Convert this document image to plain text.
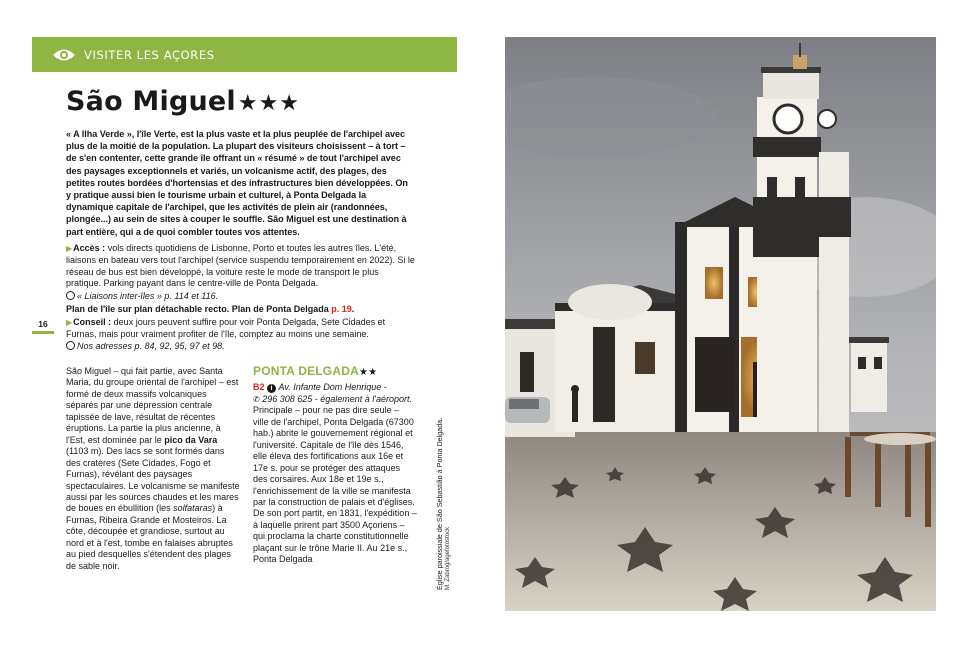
VISITER LES AÇORES
São Miguel★★★

« A Ilha Verde », l'île Verte, est la plus vaste et la plus peuplée de l'archipel avec plus de la moitié de la population. La plupart des visiteurs choisissent – à tort – de s'en contenter, cette grande île offrant un « résumé » de tout l'archipel avec des paysages exceptionnels et variés, un volcanisme actif, des plages, des petites routes bordées d'hortensias et des infrastructures bien développées. On y pratique aussi bien le tourisme urbain et culturel, à Ponta Delgada la dynamique capitale de l'archipel, que les activités de plein air (randonnées, plongée...) au sein de sites à couper le souffle. São Miguel est une destination à part entière, qui a de quoi combler toutes vos attentes.

▶Accès : vols directs quotidiens de Lisbonne, Porto et toutes les autres îles. L'été, liaisons en bateau vers tout l'archipel (service suspendu temporairement en 2022). Si le réseau de bus est bien développé, la voiture reste le mode de transport le plus pratique. Parking payant dans le centre-ville de Ponta Delgada.
« Liaisons inter-îles » p. 114 et 116.
Plan de l'île sur plan détachable recto. Plan de Ponta Delgada p. 19.
▶Conseil : deux jours peuvent suffire pour voir Ponta Delgada, Sete Cidades et Furnas, mais pour vraiment profiter de l'île, comptez au moins une semaine.
Nos adresses p. 84, 92, 95, 97 et 98.
16
São Miguel – qui fait partie, avec Santa Maria, du groupe oriental de l'archipel – est formé de deux massifs volcaniques séparés par une dépression centrale tapissée de lave, résultat de récentes éruptions. La partie la plus ancienne, à l'Est, est dominée par le pico da Vara (1103 m). Des lacs se sont formés dans des cratères (Sete Cidades, Fogo et Furnas), révélant des paysages spectaculaires. Le volcanisme se manifeste aussi par les sources chaudes et les mares de boues en ébullition (les solfataras) à Furnas, Ribeira Grande et Mosteiros. La côte, découpée et grandiose, surtout au nord et à l'est, tombe en falaises abruptes au pied desquelles s'étendent des plages de sable noir.
PONTA DELGADA★★
B2 i Av. Infante Dom Henrique -
✆ 296 308 625 - également à l'aéroport.
Principale – pour ne pas dire seule – ville de l'archipel, Ponta Delgada (67300 hab.) abrite le gouvernement régional et l'université. Capitale de l'île dès 1546, elle éleva des fortifications aux 16e et 17e s. pour se protéger des attaques des corsaires. Aux 18e et 19e s., l'enrichissement de la ville se manifesta par la construction de palais et d'églises. De son port partit, en 1831, l'expédition – à laquelle prirent part 3500 Açoriens – qui proclama la charte constitutionnelle plaçant sur le trône Marie II. Au 21e s., Ponta Delgada	Église paroissiale de São Sebastião à Ponta Delgada. M. Zabrog/agefotostock
